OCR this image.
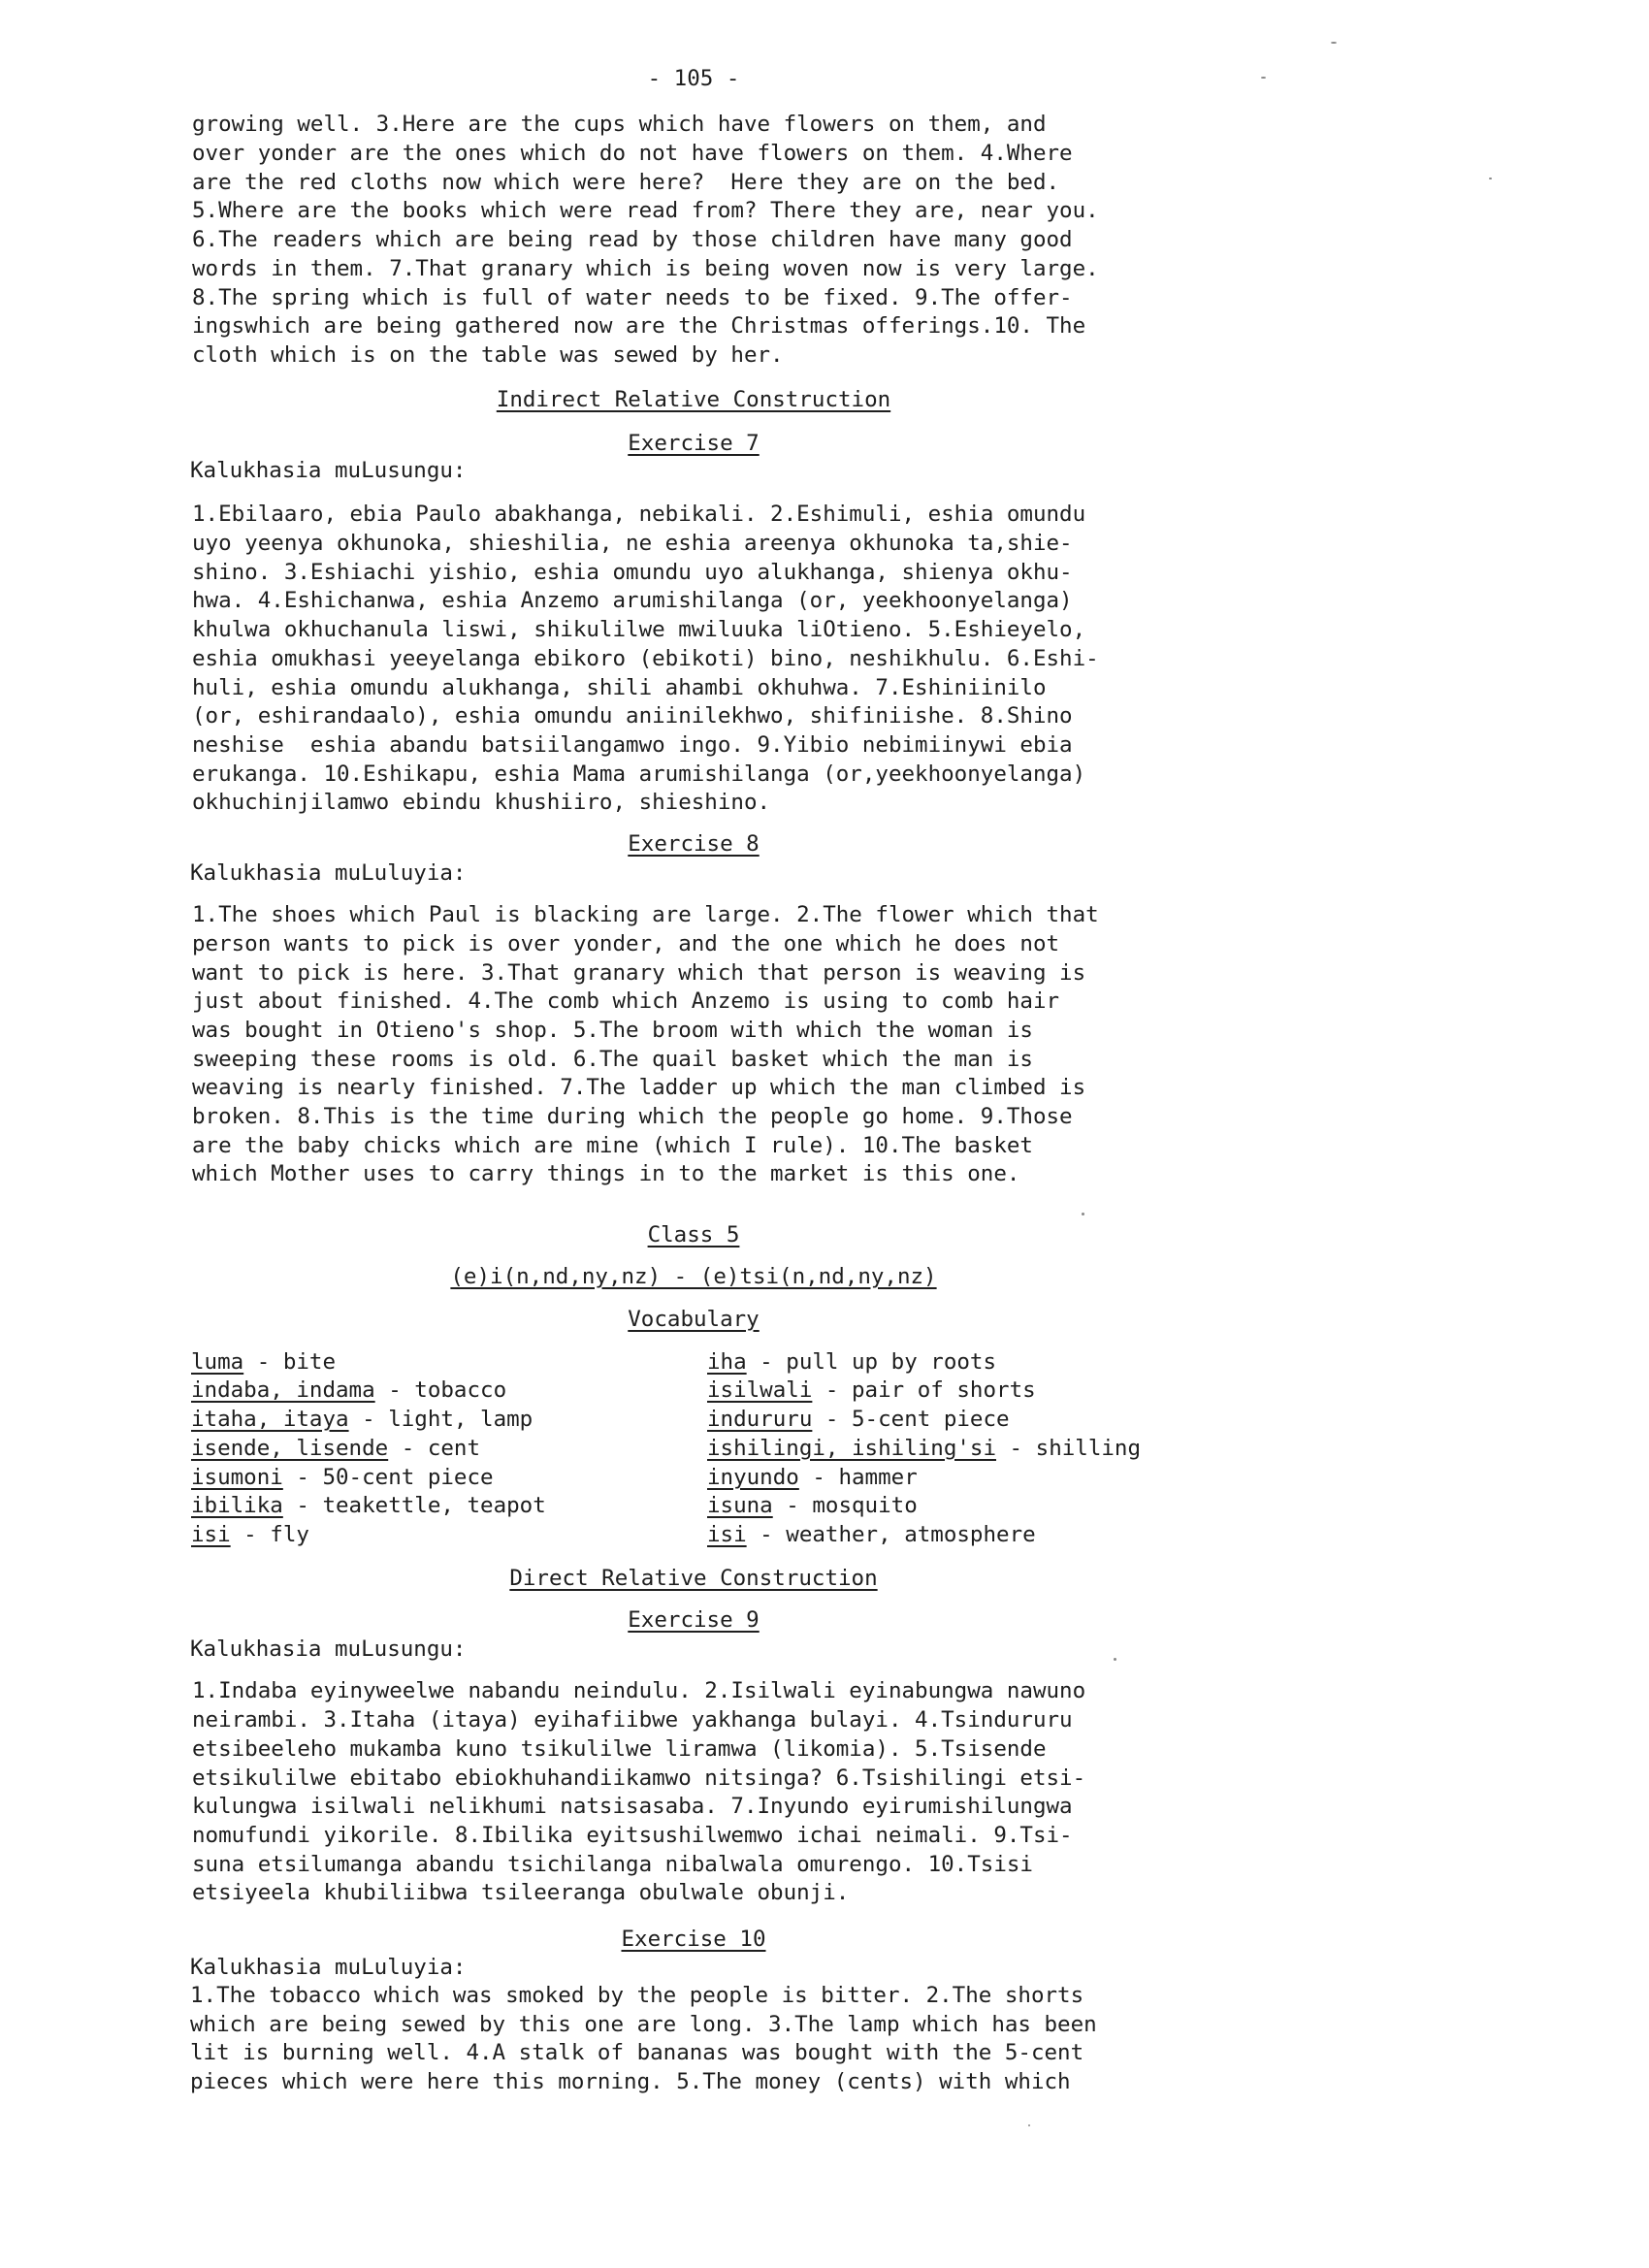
- 105 -
growing well. 3.Here are the cups which have flowers on them, and
over yonder are the ones which do not have flowers on them. 4.Where
are the red cloths now which were here?  Here they are on the bed.
5.Where are the books which were read from? There they are, near you.
6.The readers which are being read by those children have many good
words in them. 7.That granary which is being woven now is very large.
8.The spring which is full of water needs to be fixed. 9.The offer-
ingswhich are being gathered now are the Christmas offerings.10. The
cloth which is on the table was sewed by her.
Indirect Relative Construction
Exercise 7
Kalukhasia muLusungu:
1.Ebilaaro, ebia Paulo abakhanga, nebikali. 2.Eshimuli, eshia omundu
uyo yeenya okhunoka, shieshilia, ne eshia areenya okhunoka ta,shie-
shino. 3.Eshiachi yishio, eshia omundu uyo alukhanga, shienya okhu-
hwa. 4.Eshichanwa, eshia Anzemo arumishilanga (or, yeekhoonyelanga)
khulwa okhuchanula liswi, shikulilwe mwiluuka liOtieno. 5.Eshieyelo,
eshia omukhasi yeeyelanga ebikoro (ebikoti) bino, neshikhulu. 6.Eshi-
huli, eshia omundu alukhanga, shili ahambi okhuhwa. 7.Eshiniinilo
(or, eshirandaalo), eshia omundu aniinilekhwo, shifiniishe. 8.Shino
neshise  eshia abandu batsiilangamwo ingo. 9.Yibio nebimiinywi ebia
erukanga. 10.Eshikapu, eshia Mama arumishilanga (or,yeekhoonyelanga)
okhuchinjilamwo ebindu khushiiro, shieshino.
Exercise 8
Kalukhasia muLuluyia:
1.The shoes which Paul is blacking are large. 2.The flower which that
person wants to pick is over yonder, and the one which he does not
want to pick is here. 3.That granary which that person is weaving is
just about finished. 4.The comb which Anzemo is using to comb hair
was bought in Otieno's shop. 5.The broom with which the woman is
sweeping these rooms is old. 6.The quail basket which the man is
weaving is nearly finished. 7.The ladder up which the man climbed is
broken. 8.This is the time during which the people go home. 9.Those
are the baby chicks which are mine (which I rule). 10.The basket
which Mother uses to carry things in to the market is this one.
Class 5
(e)i(n,nd,ny,nz) - (e)tsi(n,nd,ny,nz)
Vocabulary
luma - bite
indaba, indama - tobacco
itaha, itaya - light, lamp
isende, lisende - cent
isumoni - 50-cent piece
ibilika - teakettle, teapot
isi - fly
iha - pull up by roots
isilwali - pair of shorts
indururu - 5-cent piece
ishilingi, ishiling'si - shilling
inyundo - hammer
isuna - mosquito
isi - weather, atmosphere
Direct Relative Construction
Exercise 9
Kalukhasia muLusungu:
1.Indaba eyinyweelwe nabandu neindulu. 2.Isilwali eyinabungwa nawuno
neirambi. 3.Itaha (itaya) eyihafiibwe yakhanga bulayi. 4.Tsindururu
etsibeeleho mukamba kuno tsikulilwe liramwa (likomia). 5.Tsisende
etsikulilwe ebitabo ebiokhuhandiikamwo nitsinga? 6.Tsishilingi etsi-
kulungwa isilwali nelikhumi natsisasaba. 7.Inyundo eyirumishilungwa
nomufundi yikorile. 8.Ibilika eyitsushilwemwo ichai neimali. 9.Tsi-
suna etsilumanga abandu tsichilanga nibalwala omurengo. 10.Tsisi
etsiyeela khubiliibwa tsileeranga obulwale obunji.
Exercise 10
Kalukhasia muLuluyia:
1.The tobacco which was smoked by the people is bitter. 2.The shorts
which are being sewed by this one are long. 3.The lamp which has been
lit is burning well. 4.A stalk of bananas was bought with the 5-cent
pieces which were here this morning. 5.The money (cents) with which
